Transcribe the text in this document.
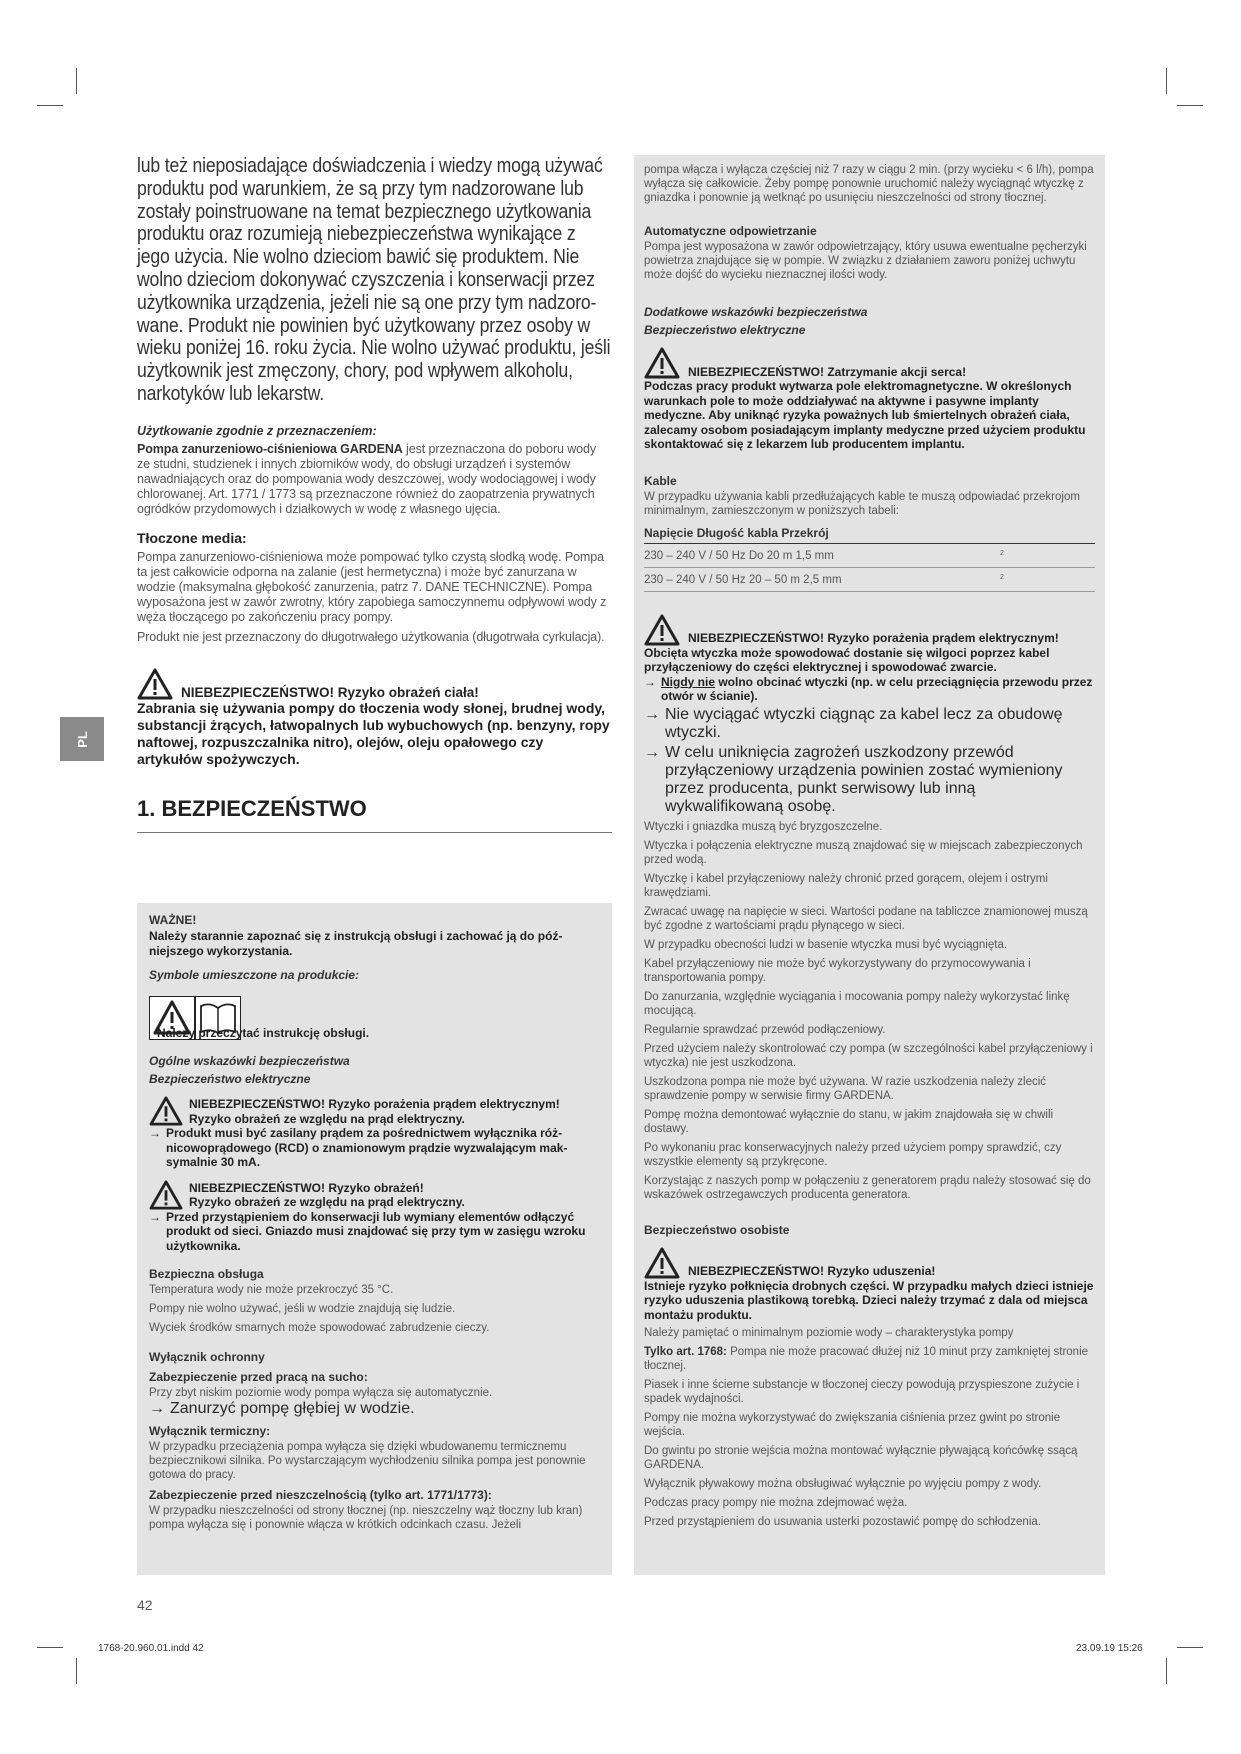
PL

lub też nieposiadające doświadczenia i wiedzy mogą używać produktu pod warunkiem, że są przy tym nadzorowane lub zostały poinstruowane na temat bezpiecznego użytkowania produktu oraz rozumieją niebezpieczeństwa wynikające z jego użycia. Nie wolno dzieciom bawić się produktem. Nie wolno dzieciom dokonywać czyszczenia i konserwacji przez użytkownika urządzenia, jeżeli nie są one przy tym nadzorowane. Produkt nie powinien być użytkowany przez osoby w wieku poniżej 16. roku życia. Nie wolno używać produktu, jeśli użytkownik jest zmęczony, chory, pod wpływem alkoholu, narkotyków lub lekarstw.

Użytkowanie zgodnie z przeznaczeniem:

Pompa zanurzeniowo-ciśnieniowa GARDENA jest przeznaczona do poboru wody ze studni, studzienek i innych zbiorników wody, do obsługi urządzeń i systemów nawadniających oraz do pompowania wody deszczowej, wody wodociągowej i wody chlorowanej. Art. 1771 / 1773 są przeznaczone również do zaopatrzenia prywatnych ogródków przydomowych i działkowych w wodę z własnego ujęcia.

Tłoczone media:

Pompa zanurzeniowo-ciśnieniowa może pompować tylko czystą słodką wodę. Pompa ta jest całkowicie odporna na zalanie (jest hermetyczna) i może być zanurzana w wodzie (maksymalna głębokość zanurzenia, patrz 7. DANE TECHNICZNE). Pompa wyposażona jest w zawór zwrotny, który zapobiega samoczynnemu odpływowi wody z węża tłoczącego po zakończeniu pracy pompy.

Produkt nie jest przeznaczony do długotrwałego użytkowania (długotrwała cyrkulacja).

NIEBEZPIECZEŃSTWO! Ryzyko obrażeń ciała!

Zabrania się używania pompy do tłoczenia wody słonej, brudnej wody, substancji żrących, łatwopalnych lub wybuchowych (np. benzyny, ropy naftowej, rozpuszczalnika nitro), olejów, oleju opałowego czy artykułów spożywczych.

1. BEZPIECZEŃSTWO

WAŻNE!

Należy starannie zapoznać się z instrukcją obsługi i zachować ją do późniejszego wykorzystania.

Symbole umieszczone na produkcie:

Należy przeczytać instrukcję obsługi.

Ogólne wskazówki bezpieczeństwa

Bezpieczeństwo elektryczne

NIEBEZPIECZEŃSTWO! Ryzyko porażenia prądem elektrycznym!

Ryzyko obrażeń ze względu na prąd elektryczny.

→ Produkt musi być zasilany prądem za pośrednictwem wyłącznika różnicowoprądowego (RCD) o znamionowym prądzie wyzwalającym maksymalnie 30 mA.

NIEBEZPIECZEŃSTWO! Ryzyko obrażeń!

Ryzyko obrażeń ze względu na prąd elektryczny.

→ Przed przystąpieniem do konserwacji lub wymiany elementów odłączyć produkt od sieci. Gniazdo musi znajdować się przy tym w zasięgu wzroku użytkownika.

Bezpieczna obsługa

Temperatura wody nie może przekroczyć 35 °C.

Pompy nie wolno używać, jeśli w wodzie znajdują się ludzie.

Wyciek środków smarnych może spowodować zabrudzenie cieczy.

Wyłącznik ochronny

Zabezpieczenie przed pracą na sucho:

Przy zbyt niskim poziomie wody pompa wyłącza się automatycznie.

→ Zanurzyć pompę głębiej w wodzie.

Wyłącznik termiczny:

W przypadku przeciążenia pompa wyłącza się dzięki wbudowanemu termicznemu bezpiecznikowi silnika. Po wystarczającym wychłodzeniu silnika pompa jest ponownie gotowa do pracy.

Zabezpieczenie przed nieszczelnością (tylko art. 1771/1773):

W przypadku nieszczelności od strony tłocznej (np. nieszczelny wąż tłoczny lub kran) pompa wyłącza się i ponownie włącza w krótkich odcinkach czasu. Jeżeli

pompa włącza i wyłącza częściej niż 7 razy w ciągu 2 min. (przy wycieku < 6 l/h), pompa wyłącza się całkowicie. Żeby pompę ponownie uruchomić należy wyciągnąć wtyczkę z gniazdka i ponownie ją wetknąć po usunięciu nieszczelności od strony tłocznej.

Automatyczne odpowietrzanie

Pompa jest wyposażona w zawór odpowietrzający, który usuwa ewentualne pęcherzyki powietrza znajdujące się w pompie. W związku z działaniem zaworu poniżej uchwytu może dojść do wycieku nieznacznej ilości wody.

Dodatkowe wskazówki bezpieczeństwa

Bezpieczeństwo elektryczne

NIEBEZPIECZEŃSTWO! Zatrzymanie akcji serca!

Podczas pracy produkt wytwarza pole elektromagnetyczne. W określonych warunkach pole to może oddziaływać na aktywne i pasywne implanty medyczne. Aby uniknąć ryzyka poważnych lub śmiertelnych obrażeń ciała, zalecamy osobom posiadającym implanty medyczne przed użyciem produktu skontaktować się z lekarzem lub producentem implantu.

Kable

W przypadku używania kabli przedłużających kable te muszą odpowiadać przekrojom minimalnym, zamieszczonym w poniższych tabeli:

Napięcie Długość kabla Przekrój	
230 – 240 V / 50 Hz Do 20 m 1,5 mm	2
230 – 240 V / 50 Hz 20 – 50 m 2,5 mm	2
NIEBEZPIECZEŃSTWO! Ryzyko porażenia prądem elektrycznym!

Obcięta wtyczka może spowodować dostanie się wilgoci poprzez kabel przyłączeniowy do części elektrycznej i spowodować zwarcie.

→ Nigdy nie wolno obcinać wtyczki (np. w celu przeciągnięcia przewodu przez otwór w ścianie).
→ Nie wyciągać wtyczki ciągnąc za kabel lecz za obudowę wtyczki.
→ W celu uniknięcia zagrożeń uszkodzony przewód przyłączeniowy urządzenia powinien zostać wymieniony przez producenta, punkt serwisowy lub inną wykwalifikowaną osobę.

Wtyczki i gniazdka muszą być bryzgoszczelne.

Wtyczka i połączenia elektryczne muszą znajdować się w miejscach zabezpieczonych przed wodą.

Wtyczkę i kabel przyłączeniowy należy chronić przed gorącem, olejem i ostrymi krawędziami.

Zwracać uwagę na napięcie w sieci. Wartości podane na tabliczce znamionowej muszą być zgodne z wartościami prądu płynącego w sieci.

W przypadku obecności ludzi w basenie wtyczka musi być wyciągnięta.

Kabel przyłączeniowy nie może być wykorzystywany do przymocowywania i transportowania pompy.

Do zanurzania, względnie wyciągania i mocowania pompy należy wykorzystać linkę mocującą.

Regularnie sprawdzać przewód podłączeniowy.

Przed użyciem należy skontrolować czy pompa (w szczególności kabel przyłączeniowy i wtyczka) nie jest uszkodzona.

Uszkodzona pompa nie może być używana. W razie uszkodzenia należy zlecić sprawdzenie pompy w serwisie firmy GARDENA.

Pompę można demontować wyłącznie do stanu, w jakim znajdowała się w chwili dostawy.

Po wykonaniu prac konserwacyjnych należy przed użyciem pompy sprawdzić, czy wszystkie elementy są przykręcone.

Korzystając z naszych pomp w połączeniu z generatorem prądu należy stosować się do wskazówek ostrzegawczych producenta generatora.

Bezpieczeństwo osobiste

NIEBEZPIECZEŃSTWO! Ryzyko uduszenia!

Istnieje ryzyko połknięcia drobnych części. W przypadku małych dzieci istnieje ryzyko uduszenia plastikową torebką. Dzieci należy trzymać z dala od miejsca montażu produktu.

Należy pamiętać o minimalnym poziomie wody – charakterystyka pompy

Tylko art. 1768: Pompa nie może pracować dłużej niż 10 minut przy zamkniętej stronie tłocznej.

Piasek i inne ścierne substancje w tłoczonej cieczy powodują przyspieszone zużycie i spadek wydajności.

Pompy nie można wykorzystywać do zwiększania ciśnienia przez gwint po stronie wejścia.

Do gwintu po stronie wejścia można montować wyłącznie pływającą końcówkę ssącą GARDENA.

Wyłącznik pływakowy można obsługiwać wyłącznie po wyjęciu pompy z wody.

Podczas pracy pompy nie można zdejmować węża.

Przed przystąpieniem do usuwania usterki pozostawić pompę do schłodzenia.

42
1768-20.960.01.indd 42	23.09.19 15:26
